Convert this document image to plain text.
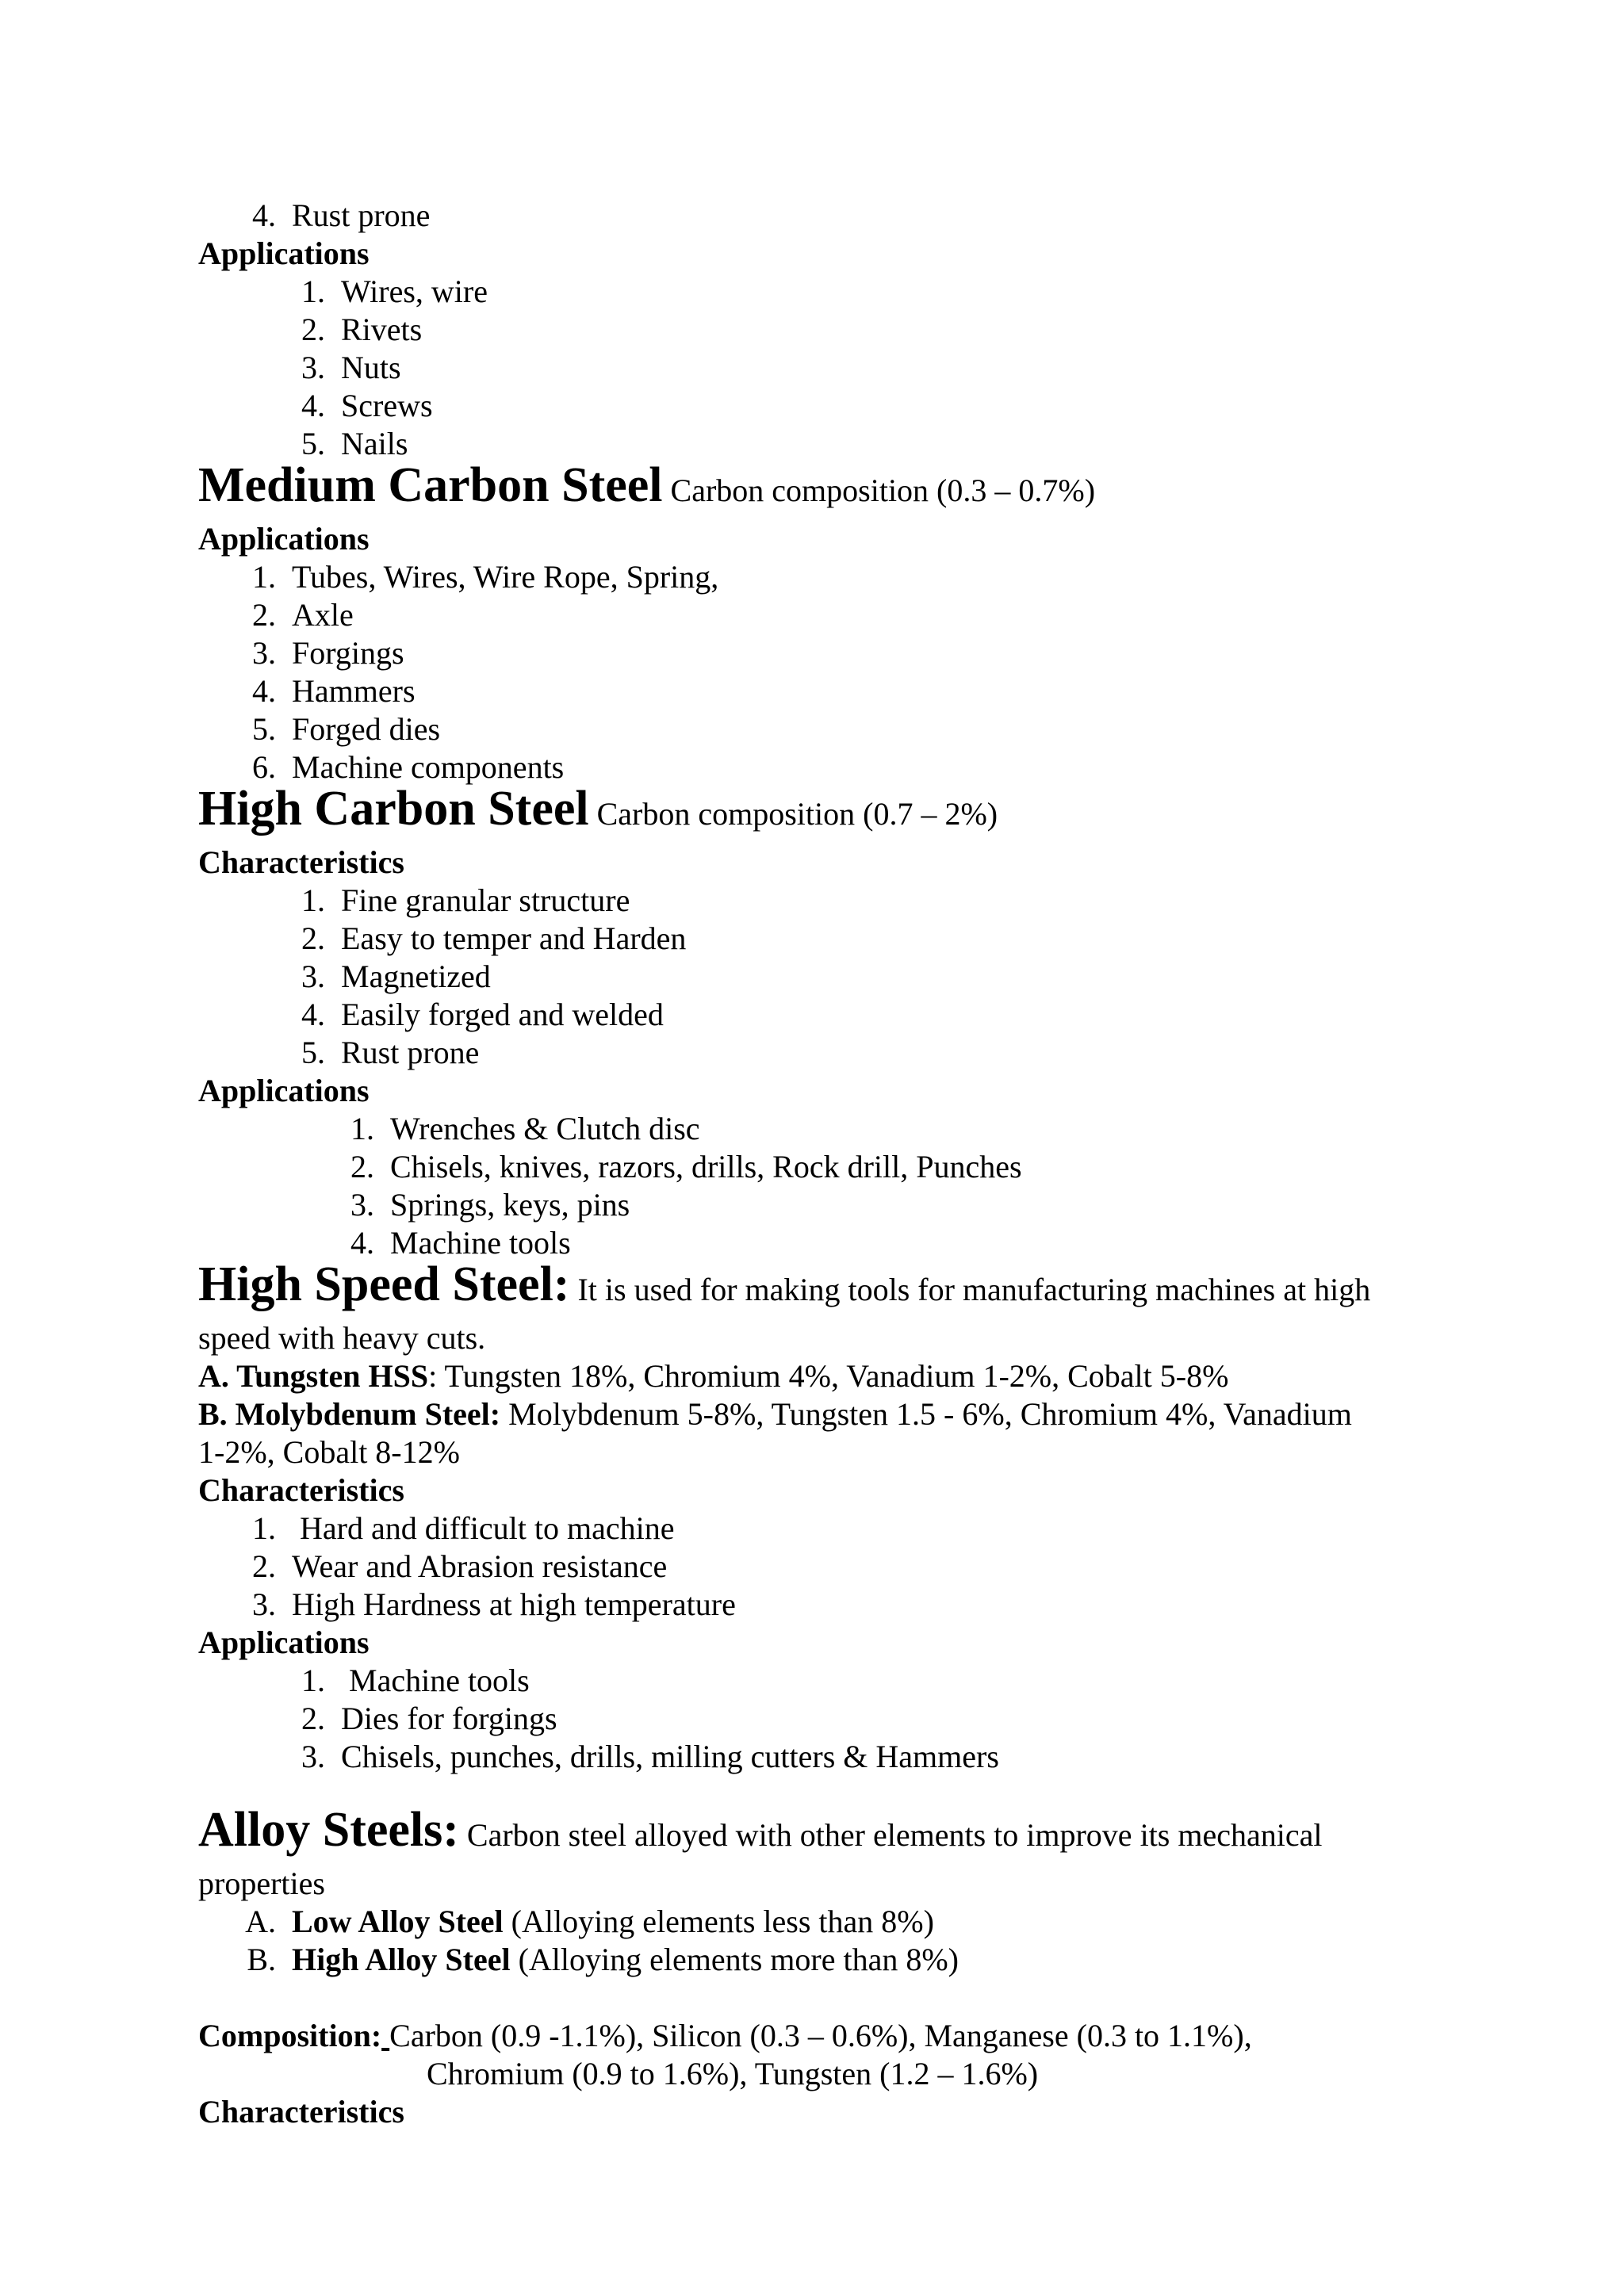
4. Rust prone
Applications
1. Wires, wire
2. Rivets
3. Nuts
4. Screws
5. Nails
Medium Carbon Steel Carbon composition (0.3 – 0.7%)
Applications
1. Tubes, Wires, Wire Rope, Spring,
2. Axle
3. Forgings
4. Hammers
5. Forged dies
6. Machine components
High Carbon Steel Carbon composition (0.7 – 2%)
Characteristics
1. Fine granular structure
2. Easy to temper and Harden
3. Magnetized
4. Easily forged and welded
5. Rust prone
Applications
1. Wrenches & Clutch disc
2. Chisels, knives, razors, drills, Rock drill, Punches
3. Springs, keys, pins
4. Machine tools
High Speed Steel: It is used for making tools for manufacturing machines at high
speed with heavy cuts.
A. Tungsten HSS: Tungsten 18%, Chromium 4%, Vanadium 1-2%, Cobalt 5-8%
B. Molybdenum Steel: Molybdenum 5-8%, Tungsten 1.5 - 6%, Chromium 4%, Vanadium
1-2%, Cobalt 8-12%
Characteristics
1. Hard and difficult to machine
2. Wear and Abrasion resistance
3. High Hardness at high temperature
Applications
1. Machine tools
2. Dies for forgings
3. Chisels, punches, drills, milling cutters & Hammers
Alloy Steels: Carbon steel alloyed with other elements to improve its mechanical
properties
A. Low Alloy Steel (Alloying elements less than 8%)
B. High Alloy Steel (Alloying elements more than 8%)
Composition: Carbon (0.9 -1.1%), Silicon (0.3 – 0.6%), Manganese (0.3 to 1.1%),
Chromium (0.9 to 1.6%), Tungsten (1.2 – 1.6%)
Characteristics
